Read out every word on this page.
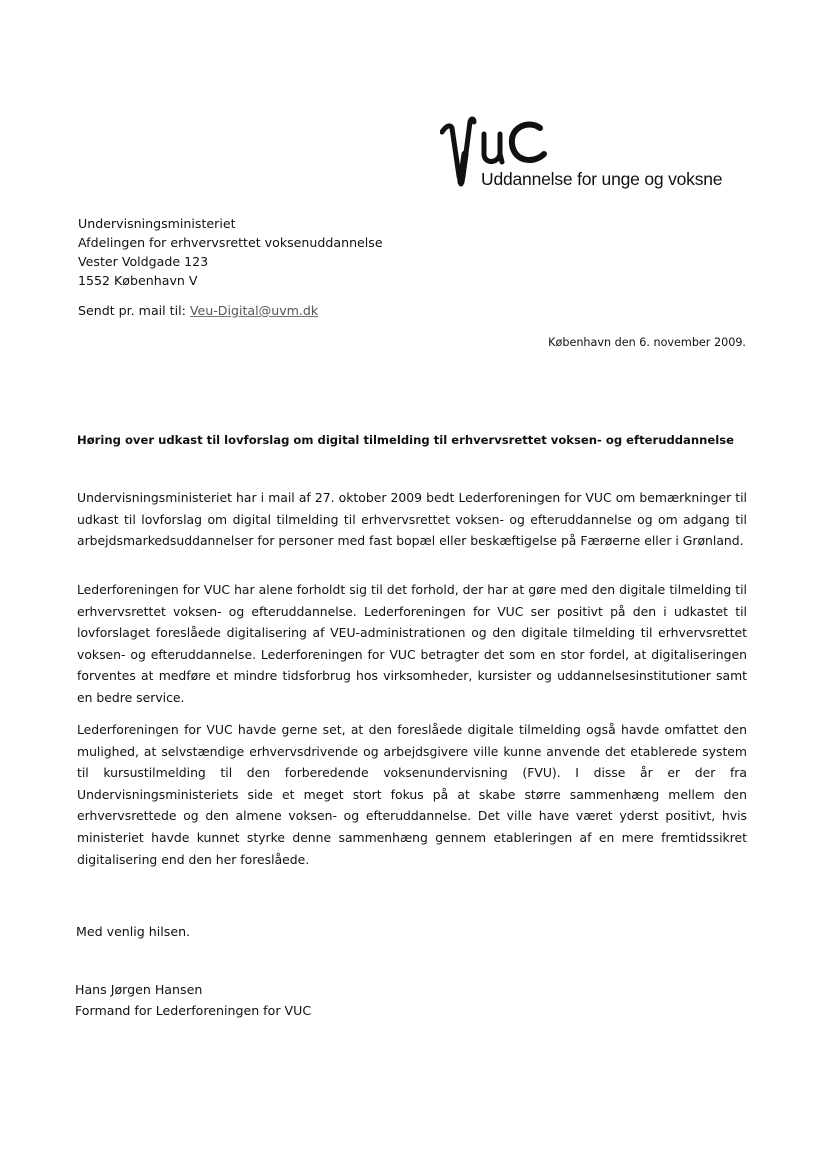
Uddannelse for unge og voksne
Undervisningsministeriet
Afdelingen for erhvervsrettet voksenuddannelse
Vester Voldgade 123
1552 København V
Sendt pr. mail til: Veu-Digital@uvm.dk
København den 6. november 2009.
Høring over udkast til lovforslag om digital tilmelding til erhvervsrettet voksen- og efteruddannelse
Undervisningsministeriet har i mail af 27. oktober 2009 bedt Lederforeningen for VUC om bemærkninger til udkast til lovforslag om digital tilmelding til erhvervsrettet voksen- og efteruddannelse og om adgang til arbejdsmarkedsuddannelser for personer med fast bopæl eller beskæftigelse på Færøerne eller i Grønland.
Lederforeningen for VUC har alene forholdt sig til det forhold, der har at gøre med den digitale tilmelding til erhvervsrettet voksen- og efteruddannelse. Lederforeningen for VUC ser positivt på den i udkastet til lovforslaget foreslåede digitalisering af VEU-administrationen og den digitale tilmelding til erhvervsrettet voksen- og efteruddannelse. Lederforeningen for VUC betragter det som en stor fordel, at digitaliseringen forventes at medføre et mindre tidsforbrug hos virksomheder, kursister og uddannelsesinstitutioner samt en bedre service.
Lederforeningen for VUC havde gerne set, at den foreslåede digitale tilmelding også havde omfattet den mulighed, at selvstændige erhvervsdrivende og arbejdsgivere ville kunne anvende det etablerede system til kursustilmelding til den forberedende voksenundervisning (FVU). I disse år er der fra Undervisningsministeriets side et meget stort fokus på at skabe større sammenhæng mellem den erhvervsrettede og den almene voksen- og efteruddannelse. Det ville have været yderst positivt, hvis ministeriet havde kunnet styrke denne sammenhæng gennem etableringen af en mere fremtidssikret digitalisering end den her foreslåede.
Med venlig hilsen.
Hans Jørgen Hansen
Formand for Lederforeningen for VUC
